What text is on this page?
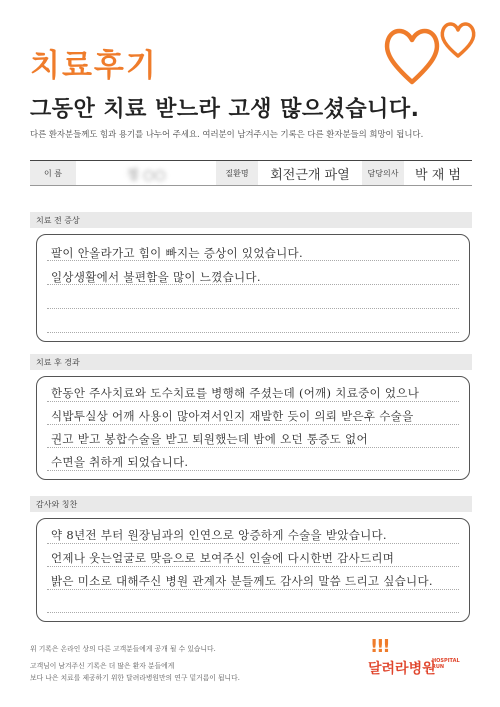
치료후기
그동안 치료 받느라 고생 많으셨습니다.
다른 환자분들께도 힘과 용기를 나누어 주세요. 여러분이 남겨주시는 기록은 다른 환자분들의 희망이 됩니다.
이 름	정 ○○	질환명	회전근개 파열	담당의사	박 재 범
치료 전 증상
팔이 안올라가고 힘이 빠지는 증상이 있었습니다.
일상생활에서 불편함을 많이 느꼈습니다.
치료 후 경과
한동안 주사치료와 도수치료를 병행해 주셨는데 (어깨) 치료중이 었으나
식밥투실상 어깨 사용이 많아져서인지 재발한 듯이 의뢰 받은후 수술을
권고 받고 봉합수술을 받고 퇴원했는데 밤에 오던 통증도 없어
수면을 취하게 되었습니다.
감사와 칭찬
약 8년전 부터 원장님과의 인연으로 앙증하게 수술을 받았습니다.
언제나 웃는얼굴로 맞음으로 보여주신 인술에 다시한번 감사드리며
밝은 미소로 대해주신 병원 관계자 분들께도 감사의 말씀 드리고 싶습니다.
위 기록은 온라인 상의 다른 고객분들에게 공개 될 수 있습니다.
고객님이 남겨주신 기록은 더 많은 환자 분들에게
보다 나은 치료를 제공하기 위한 달려라병원만의 연구 밑거름이 됩니다.
!!!
달려라병원
HOSPITAL
RUN
